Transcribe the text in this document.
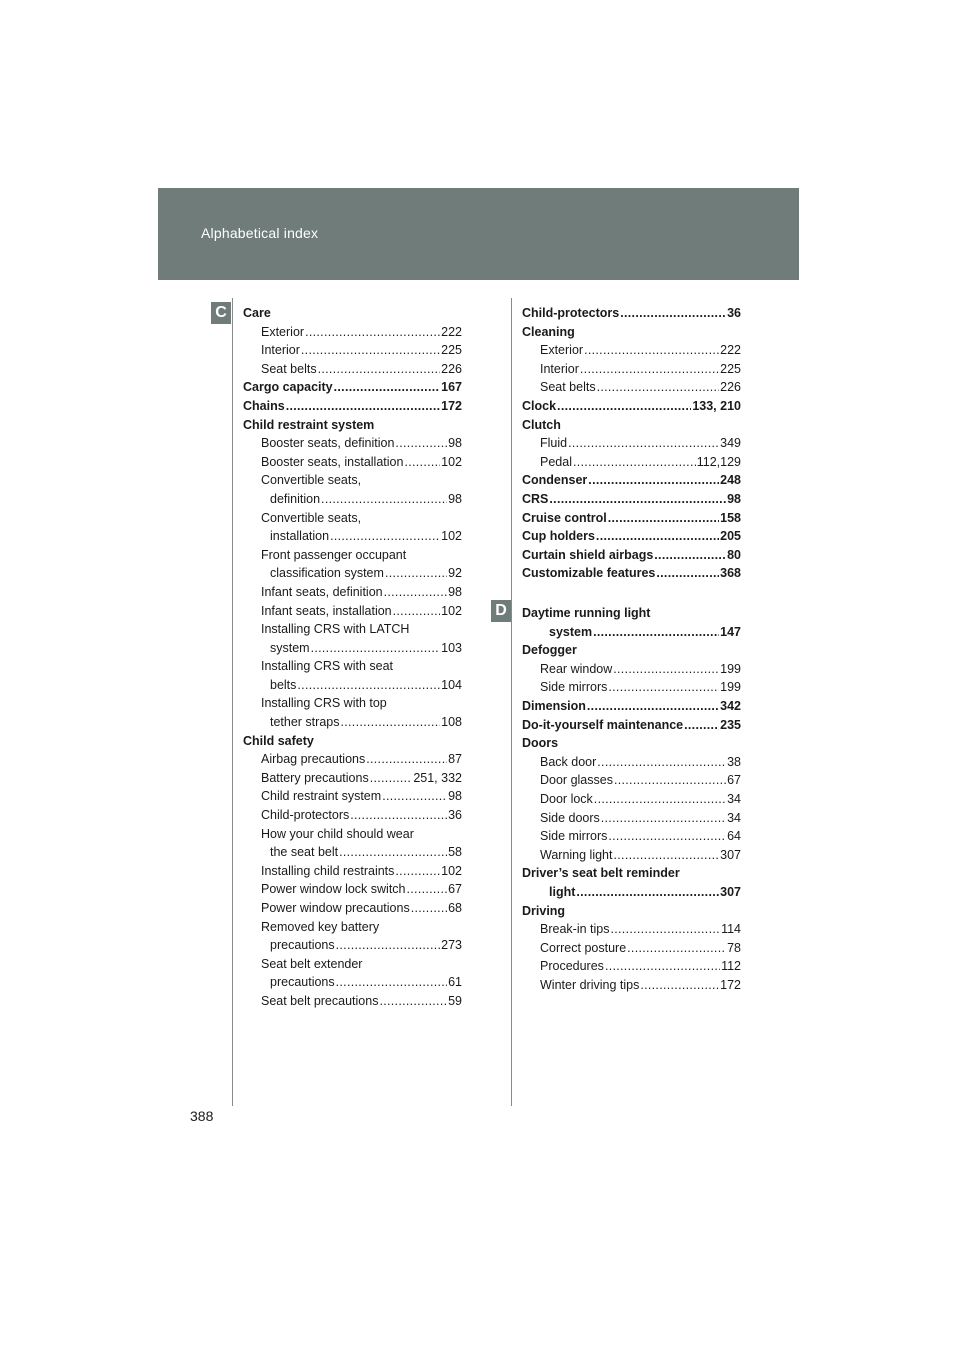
Alphabetical index
C
D
Care
Exterior .....	222
Interior .....	225
Seat belts .....	226
Cargo capacity .....	167
Chains .....	172
Child restraint system
Booster seats, definition .....	98
Booster seats, installation .....	102
Convertible seats,
definition .....	98
Convertible seats,
installation .....	102
Front passenger occupant
classification system .....	92
Infant seats, definition .....	98
Infant seats, installation .....	102
Installing CRS with LATCH
system .....	103
Installing CRS with seat
belts .....	104
Installing CRS with top
tether straps .....	108
Child safety
Airbag precautions .....	87
Battery precautions .....	251, 332
Child restraint system .....	98
Child-protectors .....	36
How your child should wear
the seat belt .....	58
Installing child restraints .....	102
Power window lock switch .....	67
Power window precautions .....	68
Removed key battery
precautions .....	273
Seat belt extender
precautions .....	61
Seat belt precautions .....	59
Child-protectors .....	36
Cleaning
Exterior .....	222
Interior .....	225
Seat belts .....	226
Clock .....	133, 210
Clutch
Fluid .....	349
Pedal .....	112,129
Condenser .....	248
CRS .....	98
Cruise control .....	158
Cup holders .....	205
Curtain shield airbags .....	80
Customizable features .....	368
Daytime running light
system .....	147
Defogger
Rear window .....	199
Side mirrors .....	199
Dimension .....	342
Do-it-yourself maintenance .....	235
Doors
Back door .....	38
Door glasses .....	67
Door lock .....	34
Side doors .....	34
Side mirrors .....	64
Warning light .....	307
Driver’s seat belt reminder
light .....	307
Driving
Break-in tips .....	114
Correct posture .....	78
Procedures .....	112
Winter driving tips .....	172
388
